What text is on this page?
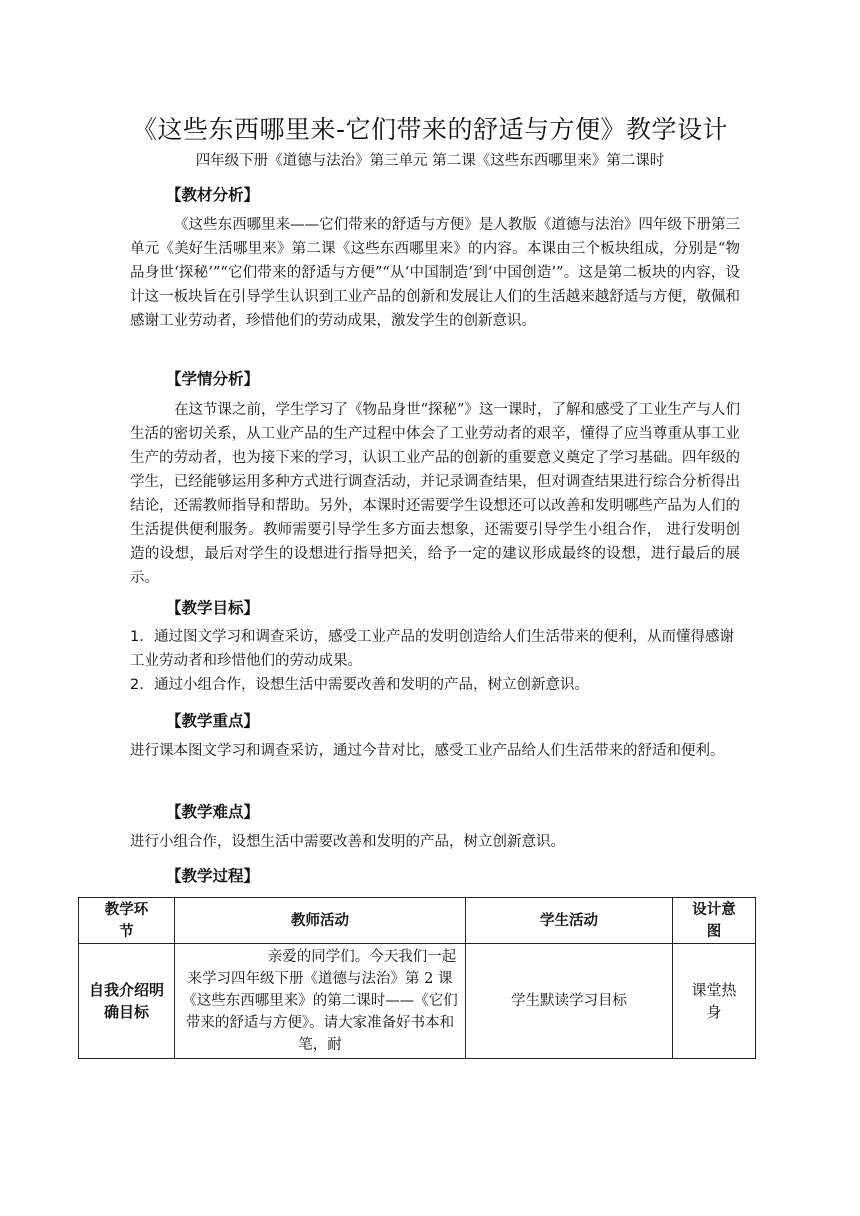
《这些东西哪里来-它们带来的舒适与方便》教学设计
四年级下册《道德与法治》第三单元 第二课《这些东西哪里来》第二课时
【教材分析】

《这些东西哪里来——它们带来的舒适与方便》是人教版《道德与法治》四年级下册第三单元《美好生活哪里来》第二课《这些东西哪里来》的内容。本课由三个板块组成，分别是“物品身世‘探秘’”“它们带来的舒适与方便”“从‘中国制造’到‘中国创造’”。这是第二板块的内容，设计这一板块旨在引导学生认识到工业产品的创新和发展让人们的生活越来越舒适与方便，敬佩和感谢工业劳动者，珍惜他们的劳动成果，激发学生的创新意识。

【学情分析】

在这节课之前，学生学习了《物品身世“探秘”》这一课时，了解和感受了工业生产与人们生活的密切关系，从工业产品的生产过程中体会了工业劳动者的艰辛，懂得了应当尊重从事工业生产的劳动者，也为接下来的学习，认识工业产品的创新的重要意义奠定了学习基础。四年级的学生，已经能够运用多种方式进行调查活动，并记录调查结果，但对调查结果进行综合分析得出结论，还需教师指导和帮助。另外，本课时还需要学生设想还可以改善和发明哪些产品为人们的生活提供便利服务。教师需要引导学生多方面去想象，还需要引导学生小组合作， 进行发明创造的设想，最后对学生的设想进行指导把关，给予一定的建议形成最终的设想，进行最后的展示。

【教学目标】

1. 通过图文学习和调查采访，感受工业产品的发明创造给人们生活带来的便利，从而懂得感谢工业劳动者和珍惜他们的劳动成果。

2. 通过小组合作，设想生活中需要改善和发明的产品，树立创新意识。

【教学重点】

进行课本图文学习和调查采访，通过今昔对比，感受工业产品给人们生活带来的舒适和便利。

【教学难点】

进行小组合作，设想生活中需要改善和发明的产品，树立创新意识。

【教学过程】
教学环节	教师活动	学生活动	设计意图
自我介绍明确目标	亲爱的同学们。今天我们一起来学习四年级下册《道德与法治》第 2 课《这些东西哪里来》的第二课时——《它们带来的舒适与方便》。请大家准备好书本和笔，耐	学生默读学习目标	课堂热身
